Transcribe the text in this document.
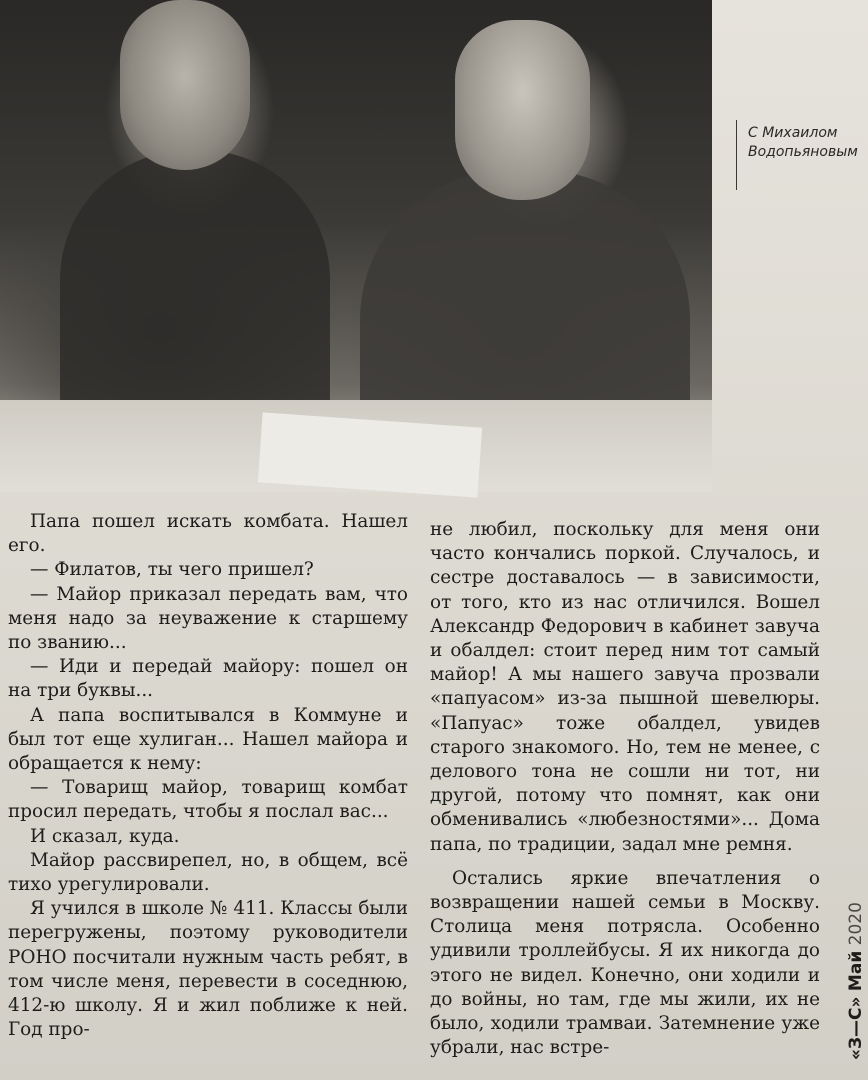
С Михаилом
Водопьяновым

Папа пошел искать комбата. Нашел его.

— Филатов, ты чего пришел?

— Майор приказал передать вам, что меня надо за неуважение к старшему по званию...

— Иди и передай майору: пошел он на три буквы...

А папа воспитывался в Коммуне и был тот еще хулиган... Нашел майора и обращается к нему:

— Товарищ майор, товарищ комбат просил передать, чтобы я послал вас...

И сказал, куда.

Майор рассвирепел, но, в общем, всё тихо урегулировали.

Я учился в школе № 411. Классы были перегружены, поэтому руководители РОНО посчитали нужным часть ребят, в том числе меня, перевести в соседнюю, 412-ю школу. Я и жил поближе к ней. Год про-

не любил, поскольку для меня они часто кончались поркой. Случалось, и сестре доставалось — в зависимости, от того, кто из нас отличился. Вошел Александр Федорович в кабинет завуча и обалдел: стоит перед ним тот самый майор! А мы нашего завуча прозвали «папуасом» из-за пышной шевелюры. «Папуас» тоже обалдел, увидев старого знакомого. Но, тем не менее, с делового тона не сошли ни тот, ни другой, потому что помнят, как они обменивались «любезностями»... Дома папа, по традиции, задал мне ремня.

Остались яркие впечатления о возвращении нашей семьи в Москву. Столица меня потрясла. Особенно удивили троллейбусы. Я их никогда до этого не видел. Конечно, они ходили и до войны, но там, где мы жили, их не было, ходили трамваи. Затемнение уже убрали, нас встре-	«З—С» Май 2020
